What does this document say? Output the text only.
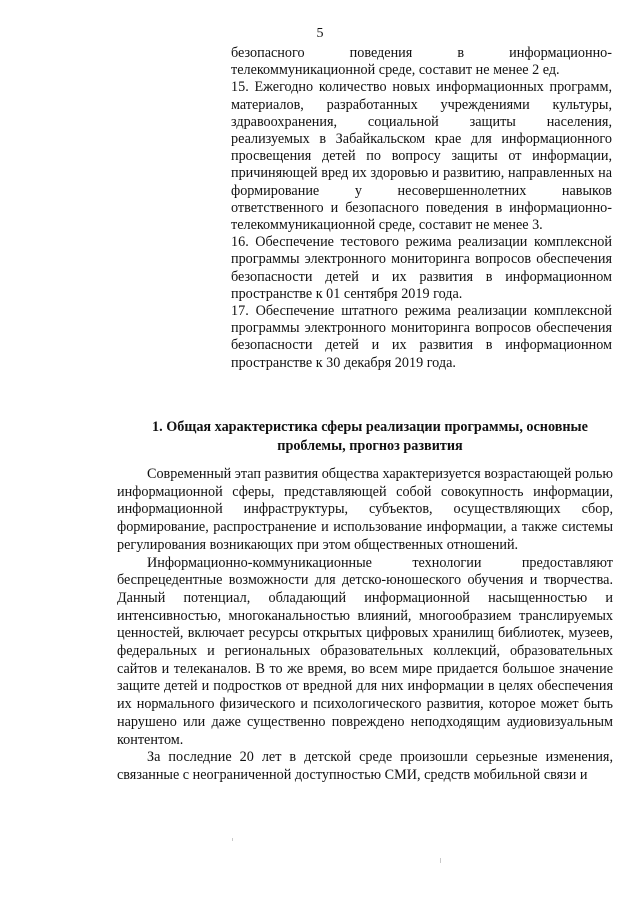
5

безопасного поведения в информационно-телекоммуникационной среде, составит не менее 2 ед.

15. Ежегодно количество новых информационных программ, материалов, разработанных учреждениями культуры, здравоохранения, социальной защиты населения, реализуемых в Забайкальском крае для информационного просвещения детей по вопросу защиты от информации, причиняющей вред их здоровью и развитию, направленных на формирование у несовершеннолетних навыков ответственного и безопасного поведения в информационно-телекоммуникационной среде, составит не менее 3.

16. Обеспечение тестового режима реализации комплексной программы электронного мониторинга вопросов обеспечения безопасности детей и их развития в информационном пространстве к 01 сентября 2019 года.

17. Обеспечение штатного режима реализации комплексной программы электронного мониторинга вопросов обеспечения безопасности детей и их развития в информационном пространстве к 30 декабря 2019 года.

1. Общая характеристика сферы реализации программы, основные проблемы, прогноз развития

Современный этап развития общества характеризуется возрастающей ролью информационной сферы, представляющей собой совокупность информации, информационной инфраструктуры, субъектов, осуществляющих сбор, формирование, распространение и использование информации, а также системы регулирования возникающих при этом общественных отношений.

Информационно-коммуникационные технологии предоставляют беспрецедентные возможности для детско-юношеского обучения и творчества. Данный потенциал, обладающий информационной насыщенностью и интенсивностью, многоканальностью влияний, многообразием транслируемых ценностей, включает ресурсы открытых цифровых хранилищ библиотек, музеев, федеральных и региональных образовательных коллекций, образовательных сайтов и телеканалов. В то же время, во всем мире придается большое значение защите детей и подростков от вредной для них информации в целях обеспечения их нормального физического и психологического развития, которое может быть нарушено или даже существенно повреждено неподходящим аудиовизуальным контентом.

За последние 20 лет в детской среде произошли серьезные изменения, связанные с неограниченной доступностью СМИ, средств мобильной связи и
